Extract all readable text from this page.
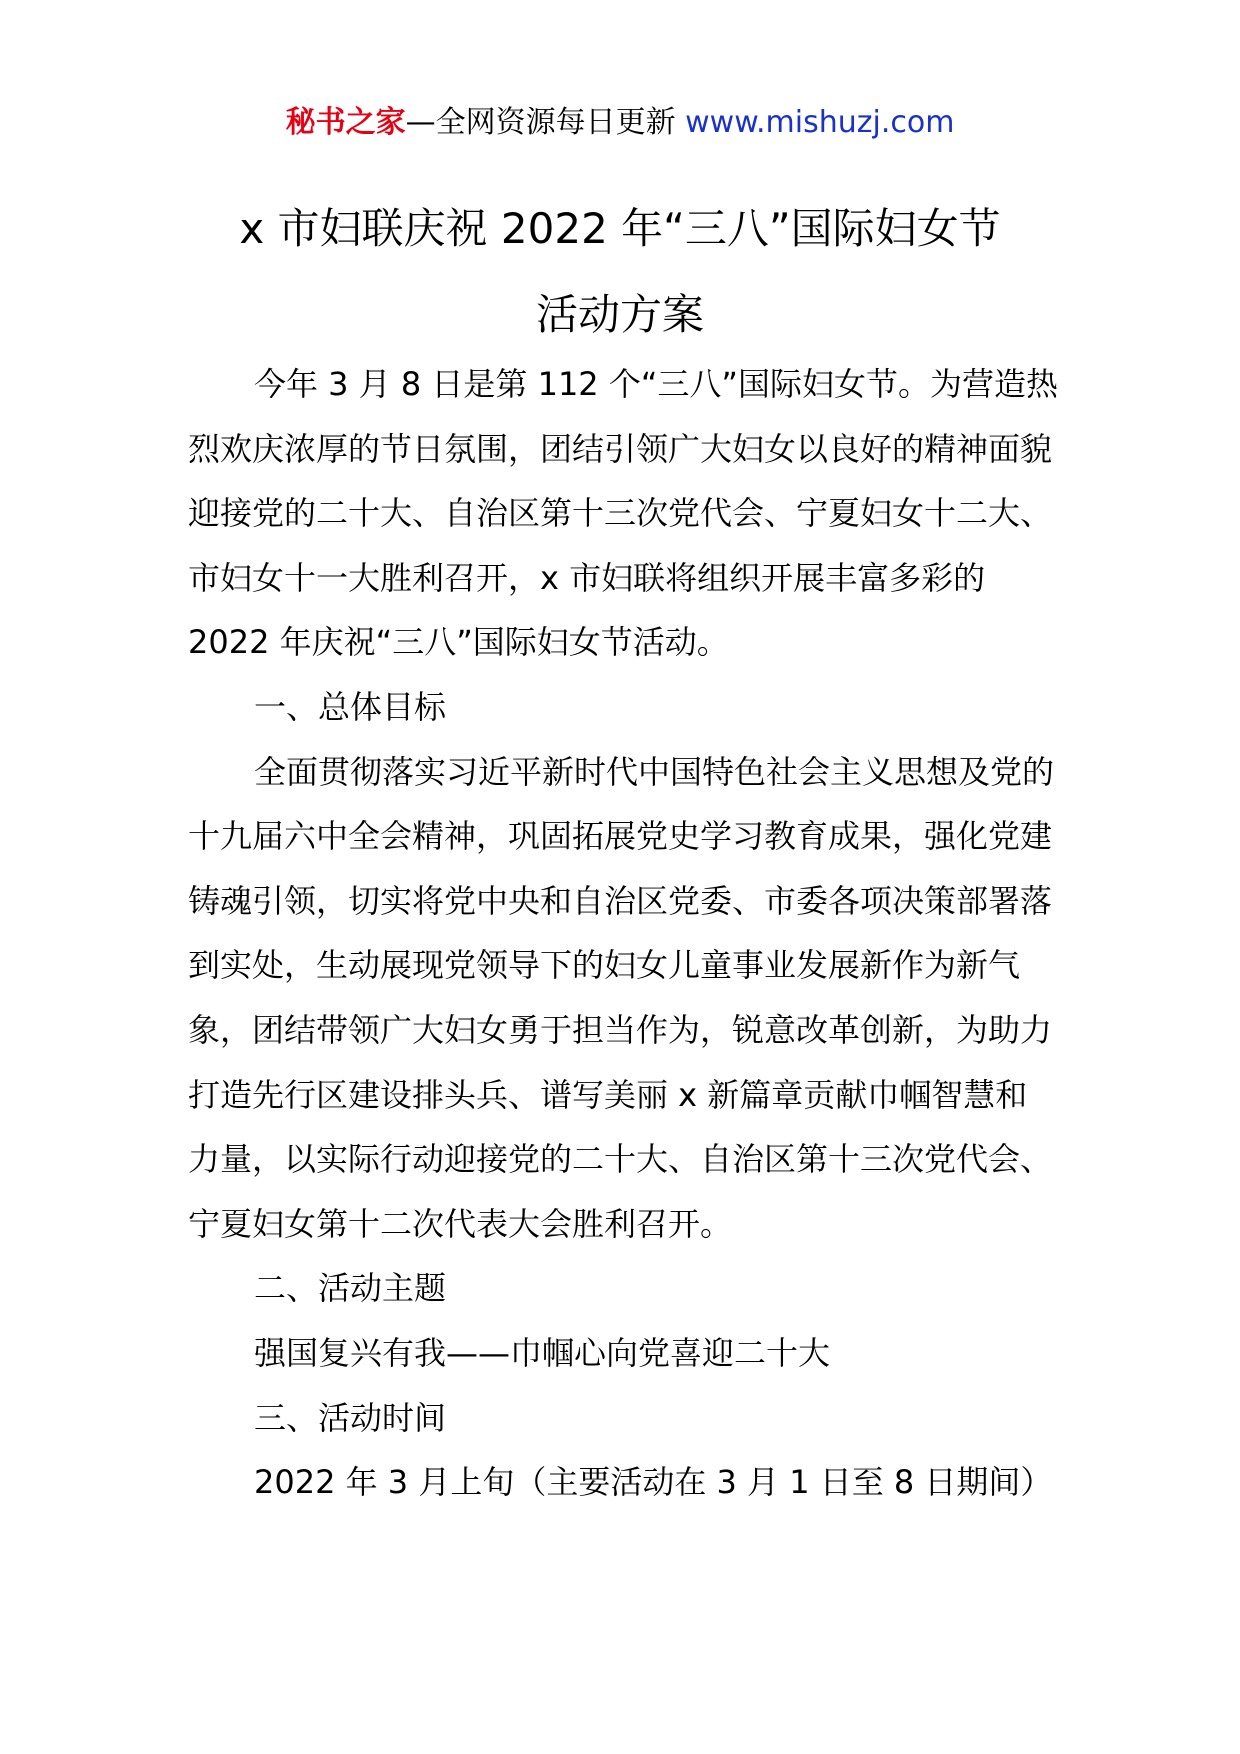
秘书之家—全网资源每日更新 www.mishuzj.com
x 市妇联庆祝 2022 年“三八”国际妇女节
活动方案

今年 3 月 8 日是第 112 个“三八”国际妇女节。为营造热烈欢庆浓厚的节日氛围，团结引领广大妇女以良好的精神面貌迎接党的二十大、自治区第十三次党代会、宁夏妇女十二大、市妇女十一大胜利召开，x 市妇联将组织开展丰富多彩的 2022 年庆祝“三八”国际妇女节活动。

一、总体目标

全面贯彻落实习近平新时代中国特色社会主义思想及党的十九届六中全会精神，巩固拓展党史学习教育成果，强化党建铸魂引领，切实将党中央和自治区党委、市委各项决策部署落到实处，生动展现党领导下的妇女儿童事业发展新作为新气象，团结带领广大妇女勇于担当作为，锐意改革创新，为助力打造先行区建设排头兵、谱写美丽 x 新篇章贡献巾帼智慧和力量，以实际行动迎接党的二十大、自治区第十三次党代会、宁夏妇女第十二次代表大会胜利召开。

二、活动主题

强国复兴有我——巾帼心向党喜迎二十大

三、活动时间

2022 年 3 月上旬（主要活动在 3 月 1 日至 8 日期间）
